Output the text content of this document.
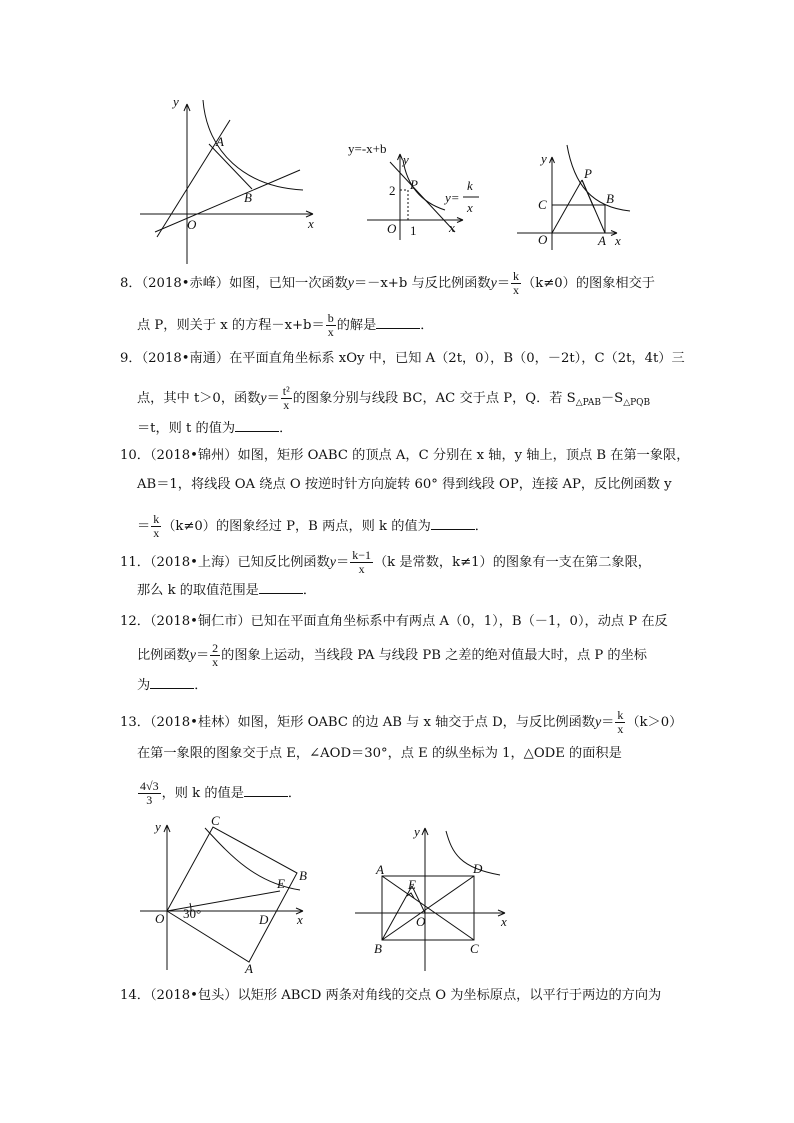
y
x
O
A
B
y=-x+b
y
x
O
P
2
1
y=
k
x
y
x
O
P
B
C
A
8．（2018•赤峰）如图，已知一次函数y＝－x+b 与反比例函数$y= \frac{k}{x} (k\ne 0)$的图象相交于
点 P，则关于 x 的方程$-x+b= \frac{b}{x}$ 的解是	．
9．（2018•南通）在平面直角坐标系 xOy 中，已知 A（2t，0），B（0，－2t），C（2t，4t）三
点，其中 t＞0，函数$y= \frac{\text{t²}}{x}$ 的图象分别与线段 BC，AC 交于点 P，Q．若 $S_{\triangle PAB}-S_{\triangle PQB}$
＝t，则 t 的值为	．
10．（2018•锦州）如图，矩形 OABC 的顶点 A，C 分别在 x 轴，y 轴上，顶点 B 在第一象限，
AB＝1，将线段 OA 绕点 O 按逆时针方向旋转 60° 得到线段 OP，连接 AP，反比例函数 y
＝ $\frac{k}{x} (k\ne 0)$的图象经过 P，B 两点，则 k 的值为	．
11．（2018•上海）已知反比例函数$y= \frac{k-1}{x} (k$ 是常数，k≠1）的图象有一支在第二象限，
那么 k 的取值范围是	．
12．（2018•铜仁市）已知在平面直角坐标系中有两点 A（0，1），B（－1，0），动点 P 在反
比例函数$y= \frac{2}{x}$ 的图象上运动，当线段 PA 与线段 PB 之差的绝对值最大时，点 P 的坐标
为	．
13．（2018•桂林）如图，矩形 OABC 的边 AB 与 x 轴交于点 D，与反比例函数$y= \frac{k}{x} (k>0)$
在第一象限的图象交于点 E，∠AOD＝30°，点 E 的纵坐标为 1，△ODE 的面积是
$\frac{4√3}{3}$ ，则 k 的值是	．
y
x
O
C
B
E
D
A
30°
y
x
O
A
B	C
D
E
14．（2018•包头）以矩形 ABCD 两条对角线的交点 O 为坐标原点，以平行于两边的方向为
